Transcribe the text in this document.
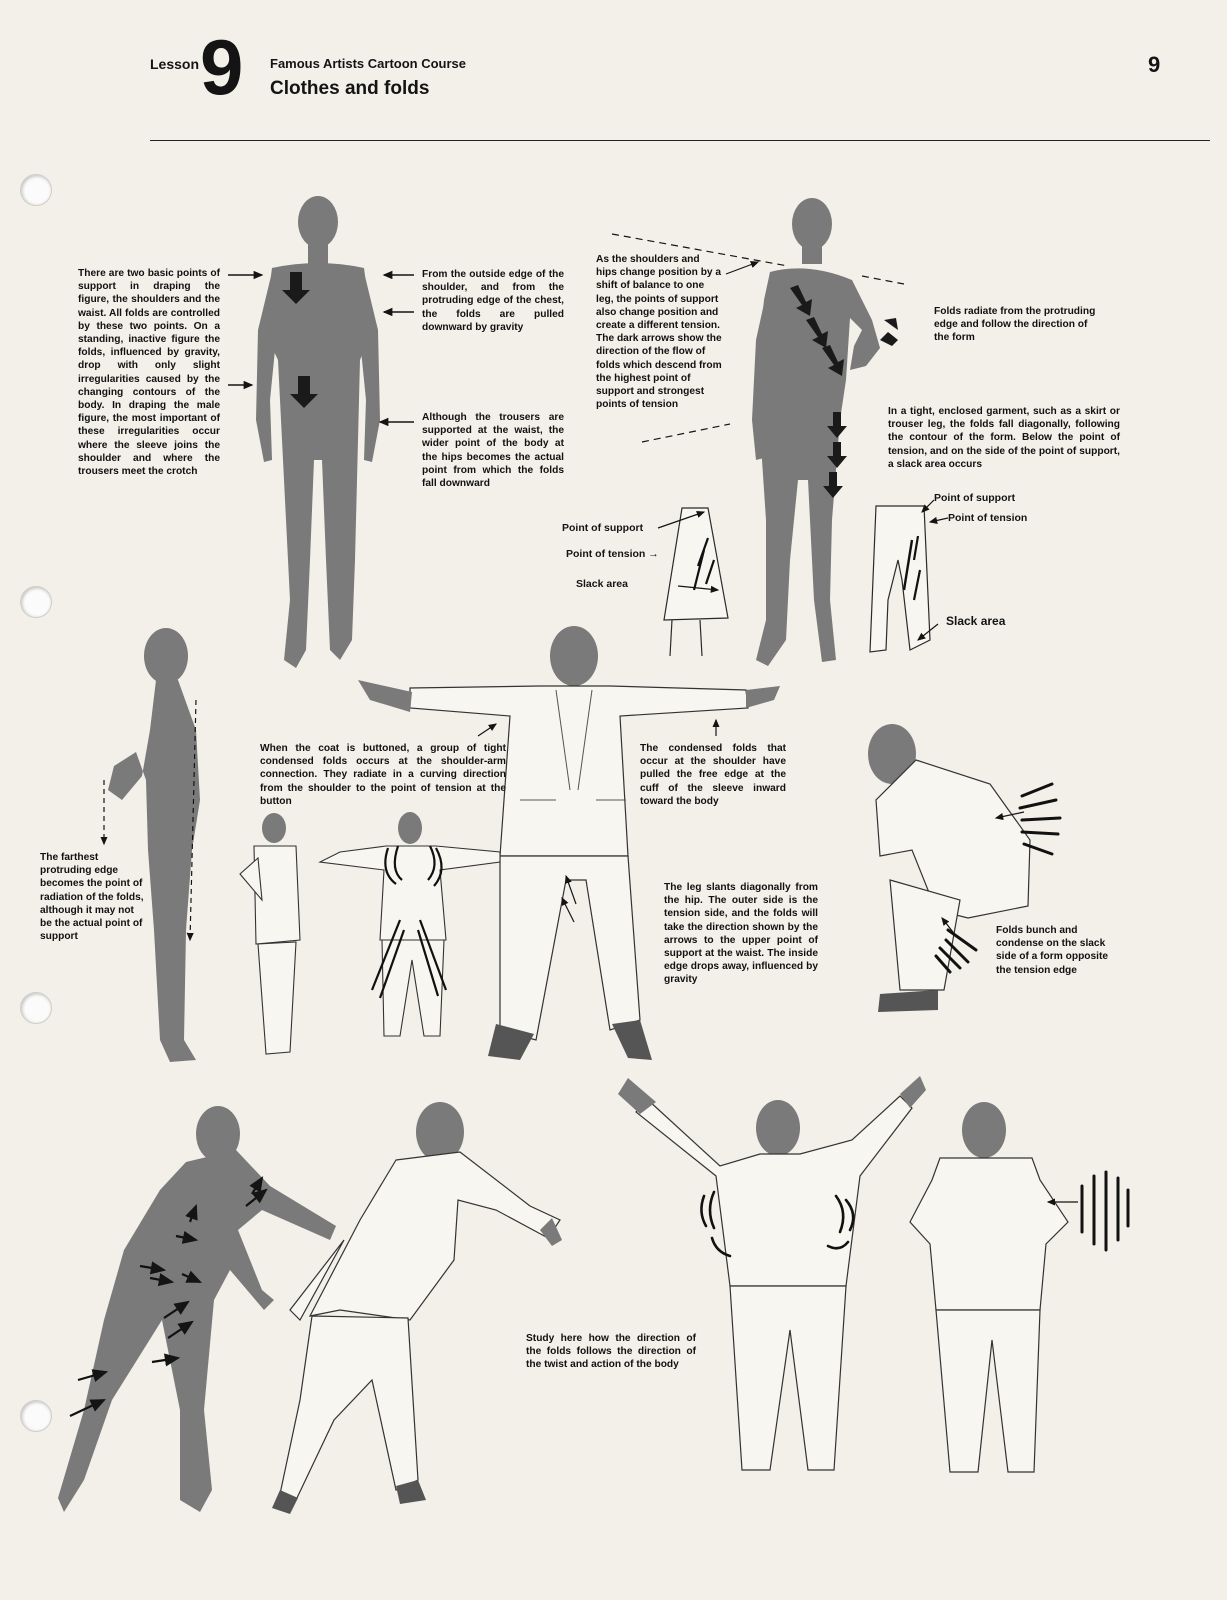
Lesson 9 Famous Artists Cartoon Course
Clothes and folds
9
There are two basic points of support in draping the figure, the shoulders and the waist. All folds are controlled by these two points. On a standing, inactive figure the folds, influenced by gravity, drop with only slight irregularities caused by the changing contours of the body. In draping the male figure, the most important of these irregularities occur where the sleeve joins the shoulder and where the trousers meet the crotch
From the outside edge of the shoulder, and from the protruding edge of the chest, the folds are pulled downward by gravity
Although the trousers are supported at the waist, the wider point of the body at the hips becomes the actual point from which the folds fall downward
As the shoulders and hips change position by a shift of balance to one leg, the points of support also change position and create a different tension. The dark arrows show the direction of the flow of folds which descend from the highest point of support and strongest points of tension
Folds radiate from the protruding edge and follow the direction of the form
In a tight, enclosed garment, such as a skirt or trouser leg, the folds fall diagonally, following the contour of the form. Below the point of tension, and on the side of the point of support, a slack area occurs
The farthest protruding edge becomes the point of radiation of the folds, although it may not be the actual point of support
When the coat is buttoned, a group of tight condensed folds occurs at the shoulder-arm connection. They radiate in a curving direction from the shoulder to the point of tension at the button
The condensed folds that occur at the shoulder have pulled the free edge at the cuff of the sleeve inward toward the body
The leg slants diagonally from the hip. The outer side is the tension side, and the folds will take the direction shown by the arrows to the upper point of support at the waist. The inside edge drops away, influenced by gravity
Folds bunch and condense on the slack side of a form opposite the tension edge
Study here how the direction of the folds follows the direction of the twist and action of the body
Point of support
Point of tension →
Slack area
Point of support
Point of tension
Slack area
